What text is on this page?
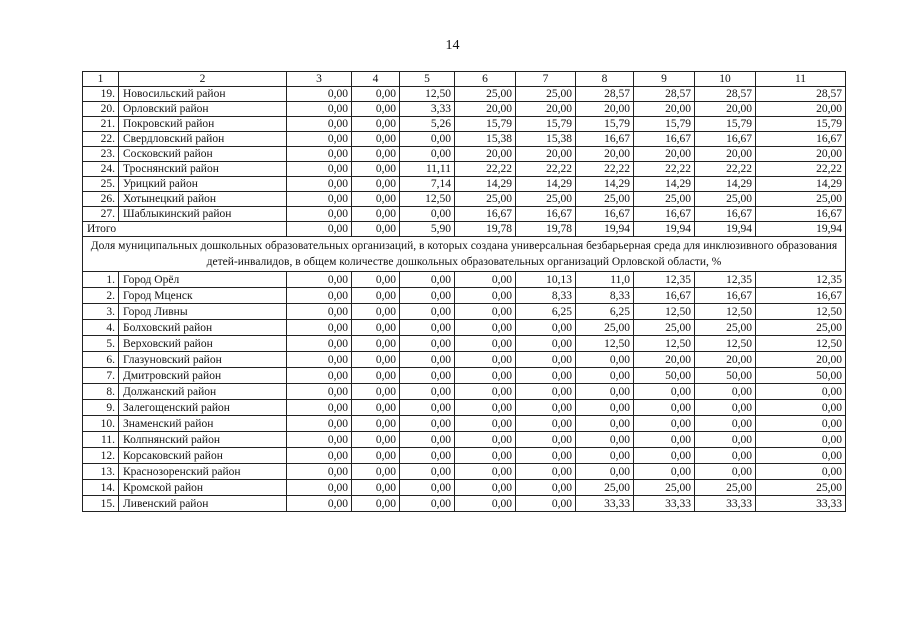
14
1	2	3	4	5	6	7	8	9	10	11
19.	Новосильский район	0,00	0,00	12,50	25,00	25,00	28,57	28,57	28,57	28,57
20.	Орловский район	0,00	0,00	3,33	20,00	20,00	20,00	20,00	20,00	20,00
21.	Покровский район	0,00	0,00	5,26	15,79	15,79	15,79	15,79	15,79	15,79
22.	Свердловский район	0,00	0,00	0,00	15,38	15,38	16,67	16,67	16,67	16,67
23.	Сосковский район	0,00	0,00	0,00	20,00	20,00	20,00	20,00	20,00	20,00
24.	Троснянский район	0,00	0,00	11,11	22,22	22,22	22,22	22,22	22,22	22,22
25.	Урицкий район	0,00	0,00	7,14	14,29	14,29	14,29	14,29	14,29	14,29
26.	Хотынецкий район	0,00	0,00	12,50	25,00	25,00	25,00	25,00	25,00	25,00
27.	Шаблыкинский район	0,00	0,00	0,00	16,67	16,67	16,67	16,67	16,67	16,67
Итого		0,00	0,00	5,90	19,78	19,78	19,94	19,94	19,94	19,94
Доля муниципальных дошкольных образовательных организаций, в которых создана универсальная безбарьерная среда для инклюзивного образования детей-инвалидов, в общем количестве дошкольных образовательных организаций Орловской области, %										
1.	Город Орёл	0,00	0,00	0,00	0,00	10,13	11,0	12,35	12,35	12,35
2.	Город Мценск	0,00	0,00	0,00	0,00	8,33	8,33	16,67	16,67	16,67
3.	Город Ливны	0,00	0,00	0,00	0,00	6,25	6,25	12,50	12,50	12,50
4.	Болховский район	0,00	0,00	0,00	0,00	0,00	25,00	25,00	25,00	25,00
5.	Верховский район	0,00	0,00	0,00	0,00	0,00	12,50	12,50	12,50	12,50
6.	Глазуновский район	0,00	0,00	0,00	0,00	0,00	0,00	20,00	20,00	20,00
7.	Дмитровский район	0,00	0,00	0,00	0,00	0,00	0,00	50,00	50,00	50,00
8.	Должанский район	0,00	0,00	0,00	0,00	0,00	0,00	0,00	0,00	0,00
9.	Залегощенский район	0,00	0,00	0,00	0,00	0,00	0,00	0,00	0,00	0,00
10.	Знаменский район	0,00	0,00	0,00	0,00	0,00	0,00	0,00	0,00	0,00
11.	Колпнянский район	0,00	0,00	0,00	0,00	0,00	0,00	0,00	0,00	0,00
12.	Корсаковский район	0,00	0,00	0,00	0,00	0,00	0,00	0,00	0,00	0,00
13.	Краснозоренский район	0,00	0,00	0,00	0,00	0,00	0,00	0,00	0,00	0,00
14.	Кромской район	0,00	0,00	0,00	0,00	0,00	25,00	25,00	25,00	25,00
15.	Ливенский район	0,00	0,00	0,00	0,00	0,00	33,33	33,33	33,33	33,33
